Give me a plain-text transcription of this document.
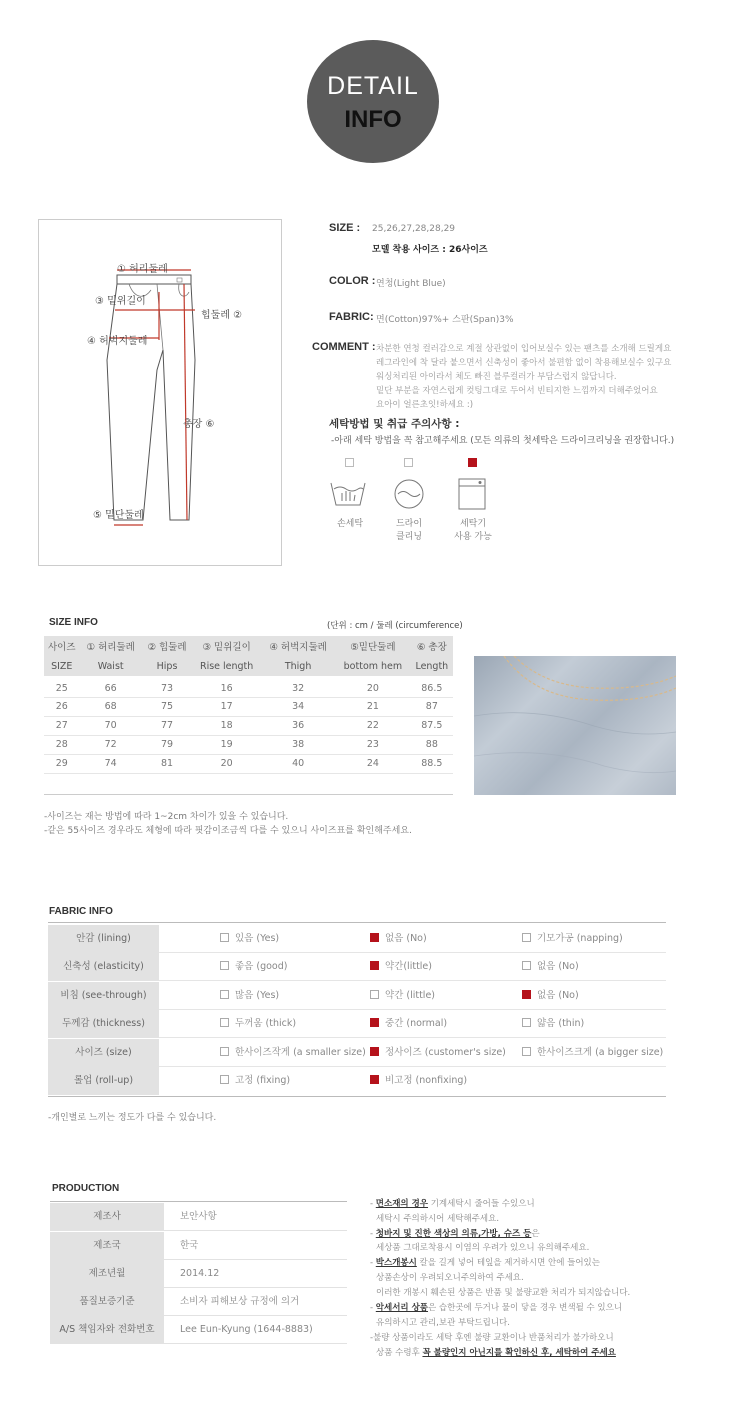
DETAIL
INFO
① 허리둘레
③ 밑위길이
힙둘레 ②
④ 허벅지둘레
총장 ⑥
⑤ 밑단둘레
SIZE : 25,26,27,28,28,29
모델 착용 사이즈 : 26사이즈
COLOR : 연청(Light Blue)
FABRIC: 면(Cotton)97%+ 스판(Span)3%
COMMENT : 차분한 연청 컬러감으로 계절 상관없이 입어보실수 있는 팬츠를 소개해 드릴게요
레그라인에 착 달라 붙으면서 신축성이 좋아서 불편함 없이 착용해보실수 있구요
워싱처리된 아이라서 체도 빠진 블루컬러가 부담스럽지 않답니다.
밑단 부분을 자연스럽게 컷팅그대로 두어서 빈티지한 느낌까지 더해주었어요
요아이 얼른초잇!하세요 :)
세탁방법 및 취급 주의사항 :
-아래 세탁 방법을 꼭 참고해주세요 (모든 의류의 첫세탁은 드라이크리닝을 권장합니다.)
손세탁	드라이
클리닝
세탁기
사용 가능
SIZE INFO	(단위 : cm / 둘레 (circumference)
사이즈	① 허리둘레	② 힙둘레	③ 밑위길이	④ 허벅지둘레	⑤밑단둘레	⑥ 총장
SIZE	Waist	Hips	Rise length	Thigh	bottom hem	Length
25	66	73	16	32	20	86.5
26	68	75	17	34	21	87
27	70	77	18	36	22	87.5
28	72	79	19	38	23	88
29	74	81	20	40	24	88.5
-사이즈는 재는 방법에 따라 1~2cm 차이가 있을 수 있습니다.
-같은 55사이즈 경우라도 체형에 따라 핏감이조금씩 다를 수 있으니 사이즈표를 확인해주세요.
FABRIC INFO
안감 (lining)	있음 (Yes)	없음 (No)	기모가공 (napping)
신축성 (elasticity)	좋음 (good)	약간(little)	없음 (No)
비침 (see-through)	많음 (Yes)	약간 (little)	없음 (No)
두께감 (thickness)	두꺼움 (thick)	중간 (normal)	얇음 (thin)
사이즈 (size)	한사이즈작게 (a smaller size)	정사이즈 (customer's size)	한사이즈크게 (a bigger size)
롤업 (roll-up)	고정 (fixing)	비고정 (nonfixing)
-개인별로 느끼는 정도가 다를 수 있습니다.
PRODUCTION
제조사	보안사항
제조국	한국
제조년월	2014.12
품질보증기준	소비자 피해보상 규정에 의거
A/S 책임자와 전화번호	Lee Eun-Kyung (1644-8883)
- 면소재의 경우 기계세탁시 줄어들 수있으니
세탁시 주의하시어 세탁해주세요.
- 청바지 및 진한 색상의 의류,가방, 슈즈 등은
세상품 그대로착용시 이염의 우려가 있으니 유의해주세요.
- 박스개봉시 칼을 길게 넣어 테잎을 제거하시면 안에 들어있는
상품손상이 우려되오니주의하여 주세요.
이러한 개봉시 훼손된 상품은 반품 및 불량교환 처리가 되지않습니다.
- 악세서리 상품은 습한곳에 두거나 물이 닿을 경우 변색될 수 있으니
유의하시고 관리,보관 부탁드립니다.
-불량 상품이라도 세탁 후엔 불량 교환이나 반품처리가 불가하오니
상품 수령후 꼭 불량인지 아닌지를 확인하신 후, 세탁하여 주세요
